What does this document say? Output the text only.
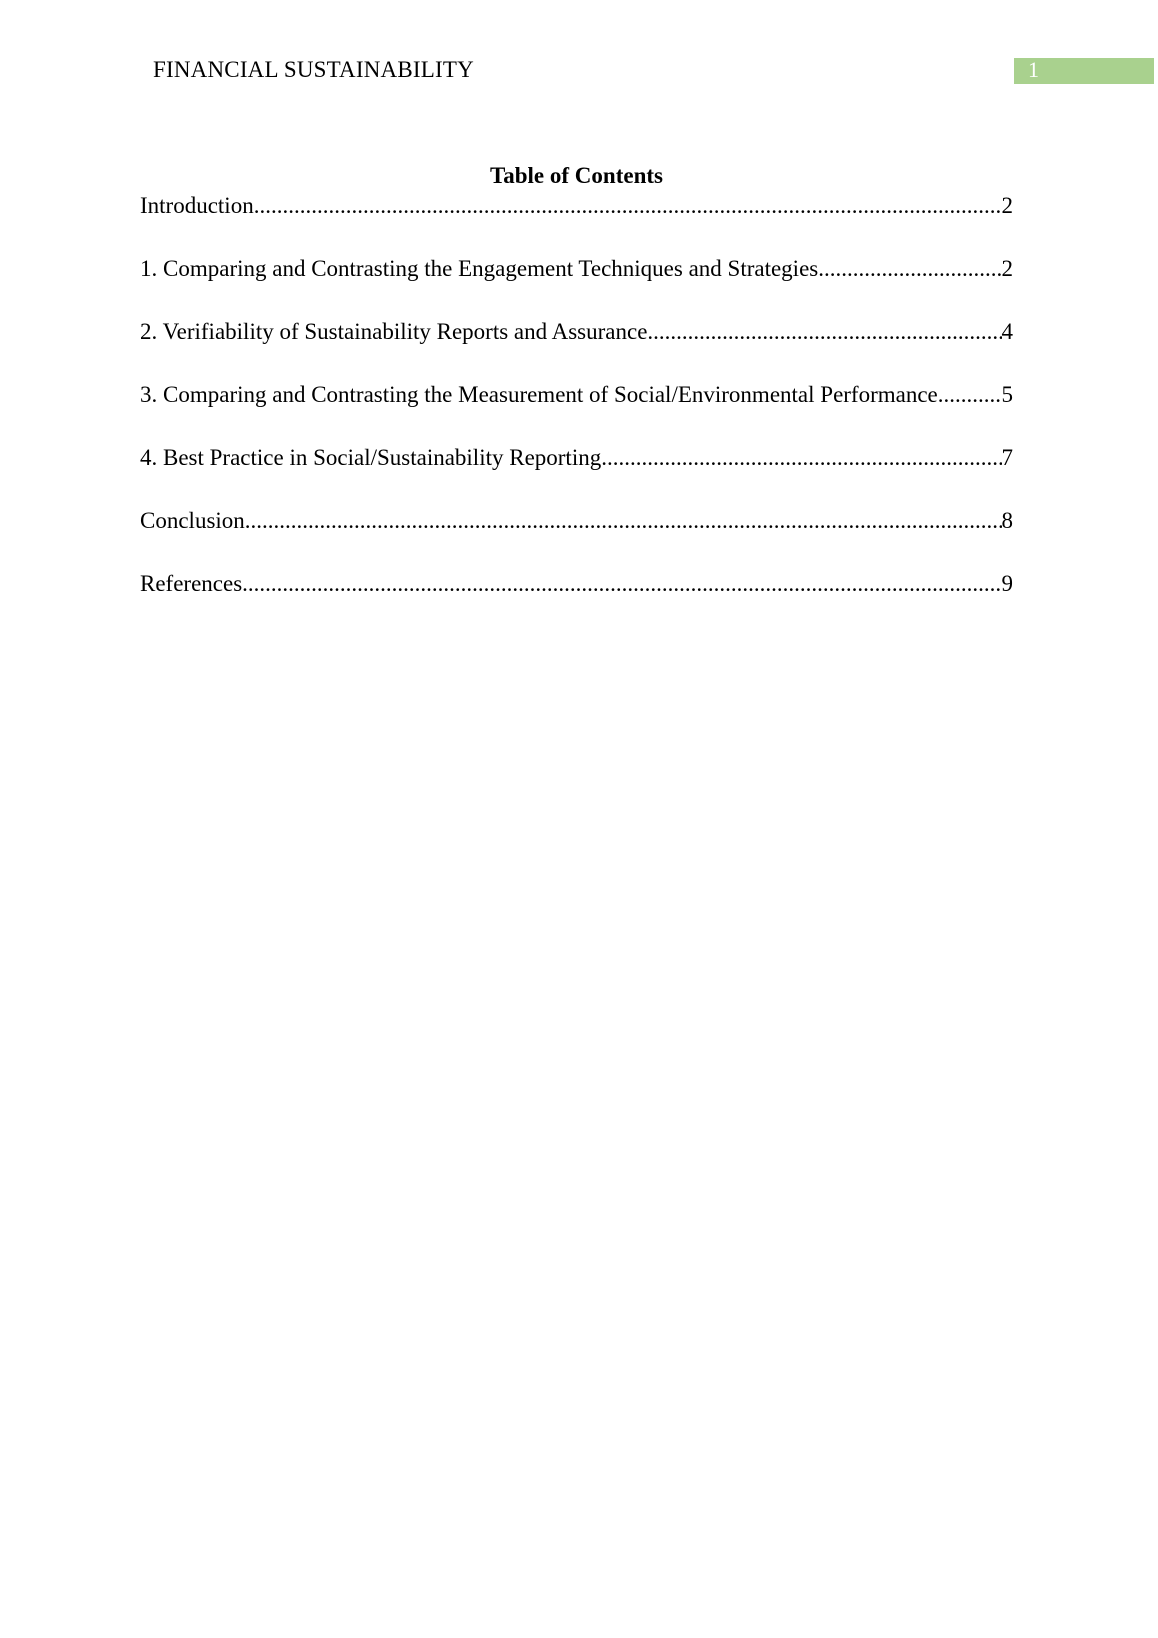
FINANCIAL SUSTAINABILITY	1
Table of Contents
Introduction .....	2
1. Comparing and Contrasting the Engagement Techniques and Strategies .....	2
2. Verifiability of Sustainability Reports and Assurance .....	4
3. Comparing and Contrasting the Measurement of Social/Environmental Performance .....	5
4. Best Practice in Social/Sustainability Reporting .....	7
Conclusion .....	8
References .....	9
